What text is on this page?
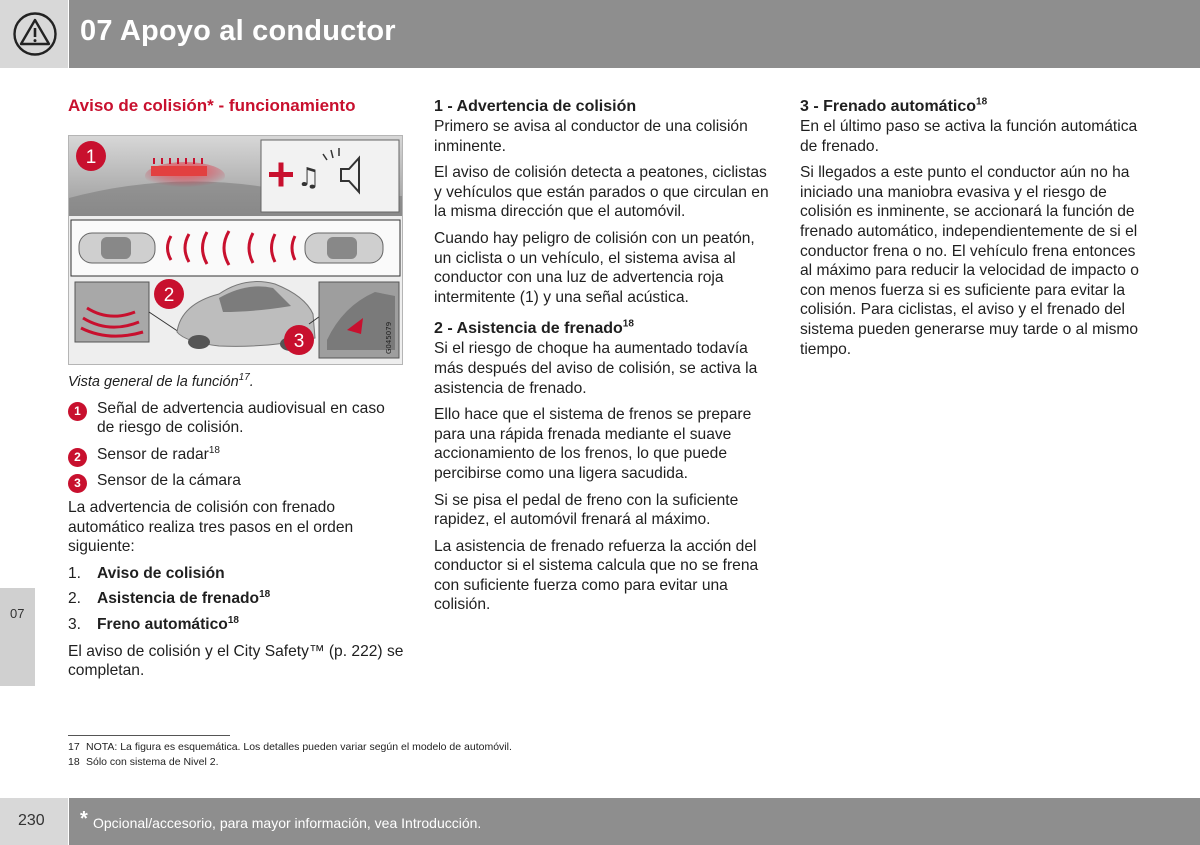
07 Apoyo al conductor
07
Aviso de colisión* - funcionamiento
♫
G045079
1
2
3
Vista general de la función$^{17}$.
1	Señal de advertencia audiovisual en caso de riesgo de colisión.
2	Sensor de radar$^{18}$
3	Sensor de la cámara

La advertencia de colisión con frenado automático realiza tres pasos en el orden siguiente:

1. Aviso de colisión
2. Asistencia de frenado$^{18}$
3. Freno automático$^{18}$

El aviso de colisión y el City Safety™ (p. 222) se completan.

1 - Advertencia de colisión

Primero se avisa al conductor de una colisión inminente.

El aviso de colisión detecta a peatones, ciclistas y vehículos que están parados o que circulan en la misma dirección que el automóvil.

Cuando hay peligro de colisión con un peatón, un ciclista o un vehículo, el sistema avisa al conductor con una luz de advertencia roja intermitente (1) y una señal acústica.

2 - Asistencia de frenado$^{18}$

Si el riesgo de choque ha aumentado todavía más después del aviso de colisión, se activa la asistencia de frenado.

Ello hace que el sistema de frenos se prepare para una rápida frenada mediante el suave accionamiento de los frenos, lo que puede percibirse como una ligera sacudida.

Si se pisa el pedal de freno con la suficiente rapidez, el automóvil frenará al máximo.

La asistencia de frenado refuerza la acción del conductor si el sistema calcula que no se frena con suficiente fuerza como para evitar una colisión.

3 - Frenado automático$^{18}$

En el último paso se activa la función automática de frenado.

Si llegados a este punto el conductor aún no ha iniciado una maniobra evasiva y el riesgo de colisión es inminente, se accionará la función de frenado automático, independientemente de si el conductor frena o no. El vehículo frena entonces al máximo para reducir la velocidad de impacto o con menos fuerza si es suficiente para evitar la colisión. Para ciclistas, el aviso y el frenado del sistema pueden generarse muy tarde o al mismo tiempo.

17 NOTA: La figura es esquemática. Los detalles pueden variar según el modelo de automóvil.
18 Sólo con sistema de Nivel 2.
230 * Opcional/accesorio, para mayor información, vea Introducción.
